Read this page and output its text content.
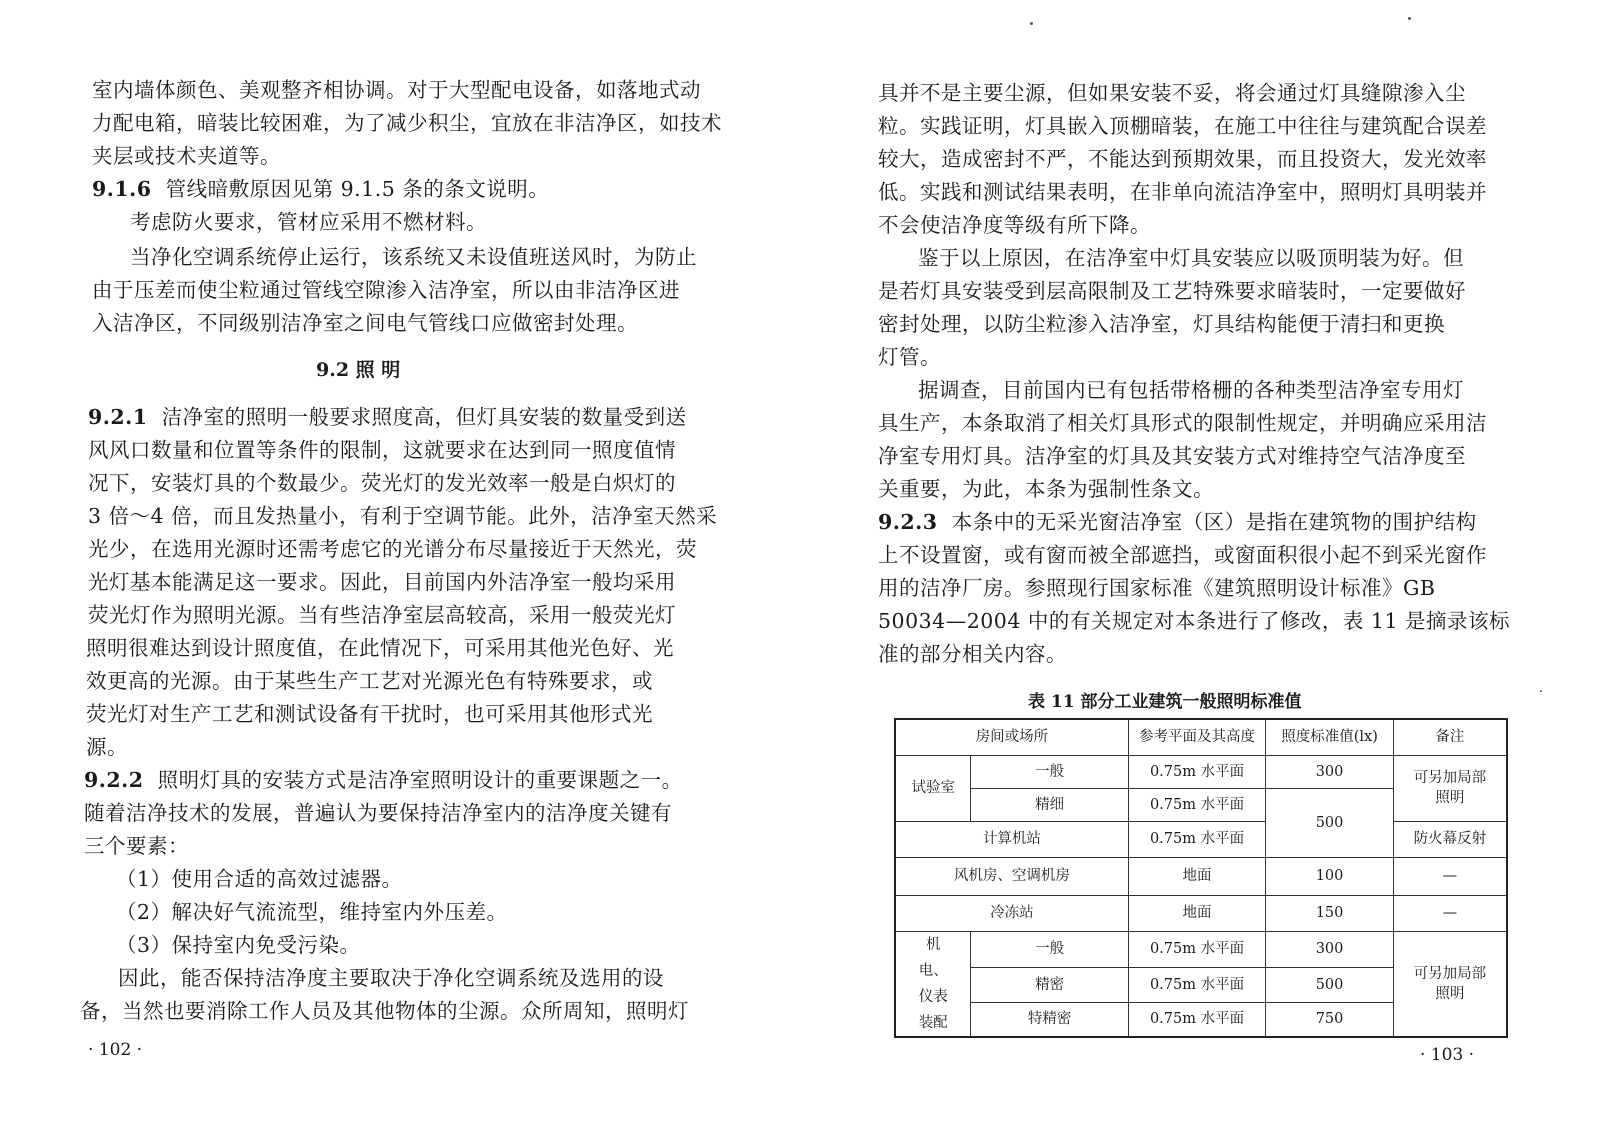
室内墙体颜色、美观整齐相协调。对于大型配电设备，如落地式动
力配电箱，暗装比较困难，为了减少积尘，宜放在非洁净区，如技术
夹层或技术夹道等。
9.1.6 管线暗敷原因见第 9.1.5 条的条文说明。
考虑防火要求，管材应采用不燃材料。
当净化空调系统停止运行，该系统又未设值班送风时，为防止
由于压差而使尘粒通过管线空隙渗入洁净室，所以由非洁净区进
入洁净区，不同级别洁净室之间电气管线口应做密封处理。
9.2 照 明
9.2.1 洁净室的照明一般要求照度高，但灯具安装的数量受到送
风风口数量和位置等条件的限制，这就要求在达到同一照度值情
况下，安装灯具的个数最少。荧光灯的发光效率一般是白炽灯的
3 倍～4 倍，而且发热量小，有利于空调节能。此外，洁净室天然采
光少，在选用光源时还需考虑它的光谱分布尽量接近于天然光，荧
光灯基本能满足这一要求。因此，目前国内外洁净室一般均采用
荧光灯作为照明光源。当有些洁净室层高较高，采用一般荧光灯
照明很难达到设计照度值，在此情况下，可采用其他光色好、光
效更高的光源。由于某些生产工艺对光源光色有特殊要求，或
荧光灯对生产工艺和测试设备有干扰时，也可采用其他形式光
源。
9.2.2 照明灯具的安装方式是洁净室照明设计的重要课题之一。
随着洁净技术的发展，普遍认为要保持洁净室内的洁净度关键有
三个要素：
（1）使用合适的高效过滤器。
（2）解决好气流流型，维持室内外压差。
（3）保持室内免受污染。
因此，能否保持洁净度主要取决于净化空调系统及选用的设
备，当然也要消除工作人员及其他物体的尘源。众所周知，照明灯
· 102 ·
具并不是主要尘源，但如果安装不妥，将会通过灯具缝隙渗入尘
粒。实践证明，灯具嵌入顶棚暗装，在施工中往往与建筑配合误差
较大，造成密封不严，不能达到预期效果，而且投资大，发光效率
低。实践和测试结果表明，在非单向流洁净室中，照明灯具明装并
不会使洁净度等级有所下降。
鉴于以上原因，在洁净室中灯具安装应以吸顶明装为好。但
是若灯具安装受到层高限制及工艺特殊要求暗装时，一定要做好
密封处理，以防尘粒渗入洁净室，灯具结构能便于清扫和更换
灯管。
据调查，目前国内已有包括带格栅的各种类型洁净室专用灯
具生产，本条取消了相关灯具形式的限制性规定，并明确应采用洁
净室专用灯具。洁净室的灯具及其安装方式对维持空气洁净度至
关重要，为此，本条为强制性条文。
9.2.3 本条中的无采光窗洁净室（区）是指在建筑物的围护结构
上不设置窗，或有窗而被全部遮挡，或窗面积很小起不到采光窗作
用的洁净厂房。参照现行国家标准《建筑照明设计标准》GB
50034—2004 中的有关规定对本条进行了修改，表 11 是摘录该标
准的部分相关内容。
表 11 部分工业建筑一般照明标准值
· 103 ·
房间或场所		参考平面及其高度	照度标准值(lx)	备注
试验室	一般	0.75m 水平面	300	可另加局部照明
	精细	0.75m 水平面	500	
计算机站		0.75m 水平面		防火幕反射
风机房、空调机房		地面	100	—
冷冻站		地面	150	—
机电、仪表装配	一般	0.75m 水平面	300	可另加局部照明
	精密	0.75m 水平面	500	
	特精密	0.75m 水平面	750	
